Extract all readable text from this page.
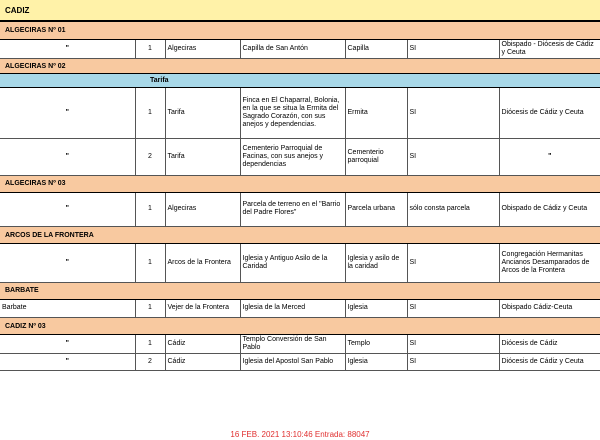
CADIZ
ALGECIRAS Nº 01
"	1	Algeciras	Capilla de San Antón	Capilla	SI	Obispado - Diócesis de Cádiz y Ceuta
ALGECIRAS Nº 02
Tarifa
"	1	Tarifa	Finca en El Chaparral, Bolonia, en la que se situa la Ermita del Sagrado Corazón, con sus anejos y dependencias.	Ermita	SI	Diócesis de Cádiz y Ceuta
"	2	Tarifa	Cementerio Parroquial de Facinas, con sus anejos y dependencias	Cementerio parroquial	SI	"
ALGECIRAS Nº 03
"	1	Algeciras	Parcela de terreno en el "Barrio del Padre Flores"	Parcela urbana	sólo consta parcela	Obispado de Cádiz y Ceuta
ARCOS DE LA FRONTERA
"	1	Arcos de la Frontera	Iglesia y Antiguo Asilo de la Caridad	Iglesia y asilo de la caridad	SI	Congregación Hermanitas Ancianos Desamparados de Arcos de la Frontera
BARBATE
Barbate	1	Vejer de la Frontera	Iglesia de la Merced	Iglesia	SI	Obispado Cádiz-Ceuta
CADIZ Nº 03
"	1	Cádiz	Templo Conversión de San Pablo	Templo	SI	Diócesis de Cádiz
"	2	Cádiz	Iglesia del Apostol San Pablo	Iglesia	SI	Diócesis de Cádiz y Ceuta
16 FEB. 2021 13:10:46 Entrada: 88047
